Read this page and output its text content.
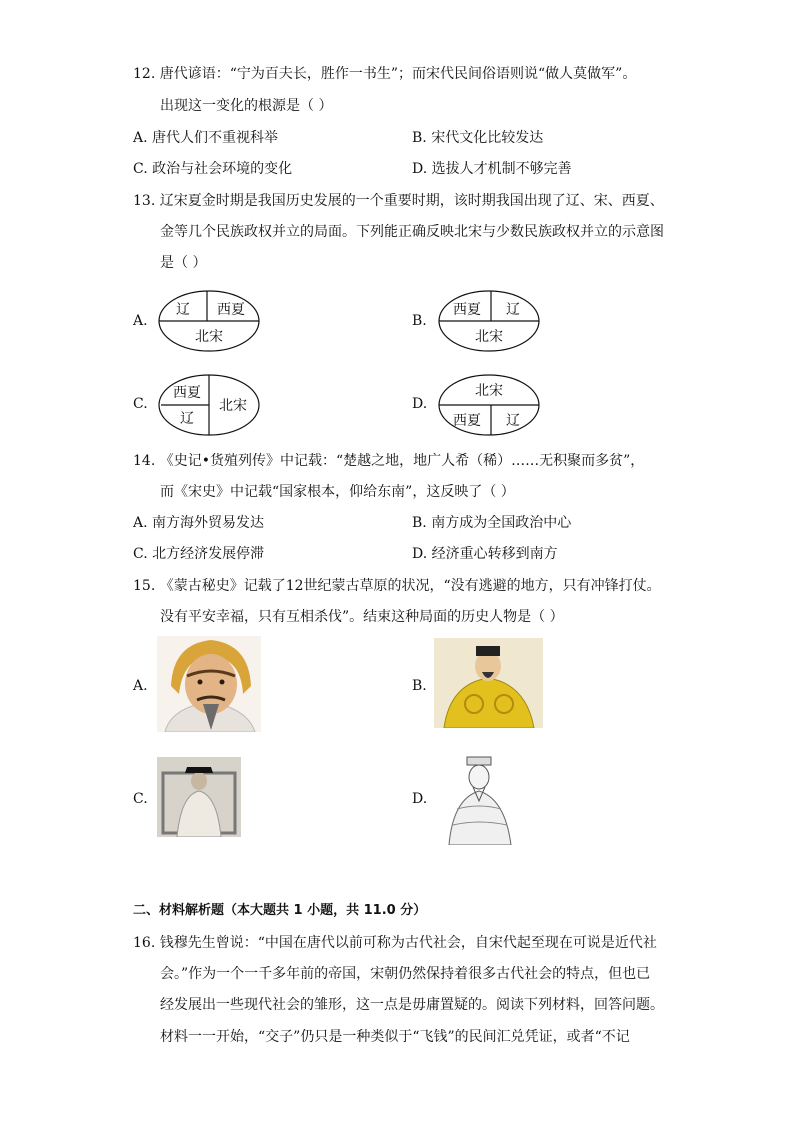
12. 唐代谚语：“宁为百夫长，胜作一书生”；而宋代民间俗语则说“做人莫做军”。
出现这一变化的根源是（ ）
A. 唐代人们不重视科举	B. 宋代文化比较发达
C. 政治与社会环境的变化	D. 选拔人才机制不够完善
13. 辽宋夏金时期是我国历史发展的一个重要时期，该时期我国出现了辽、宋、西夏、
金等几个民族政权并立的局面。下列能正确反映北宋与少数民族政权并立的示意图
是（ ）
A.
辽 西夏
北宋
B.
西夏 辽
北宋
C.
西夏
辽
北宋	D.
北宋
西夏 辽
14. 《史记•货殖列传》中记载：“楚越之地，地广人希（稀）……无积聚而多贫”，
而《宋史》中记载“国家根本，仰给东南”，这反映了（ ）
A. 南方海外贸易发达	B. 南方成为全国政治中心
C. 北方经济发展停滞	D. 经济重心转移到南方
15. 《蒙古秘史》记载了12世纪蒙古草原的状况，“没有逃避的地方，只有冲锋打仗。
没有平安幸福，只有互相杀伐”。结束这种局面的历史人物是（ ）
A.	B.
C.	D.
二、材料解析题（本大题共 1 小题，共 11.0 分）
16. 钱穆先生曾说：“中国在唐代以前可称为古代社会，自宋代起至现在可说是近代社
会。”作为一个一千多年前的帝国，宋朝仍然保持着很多古代社会的特点，但也已
经发展出一些现代社会的雏形，这一点是毋庸置疑的。阅读下列材料，回答问题。
材料一一开始，“交子”仍只是一种类似于“飞钱”的民间汇兑凭证，或者“不记
